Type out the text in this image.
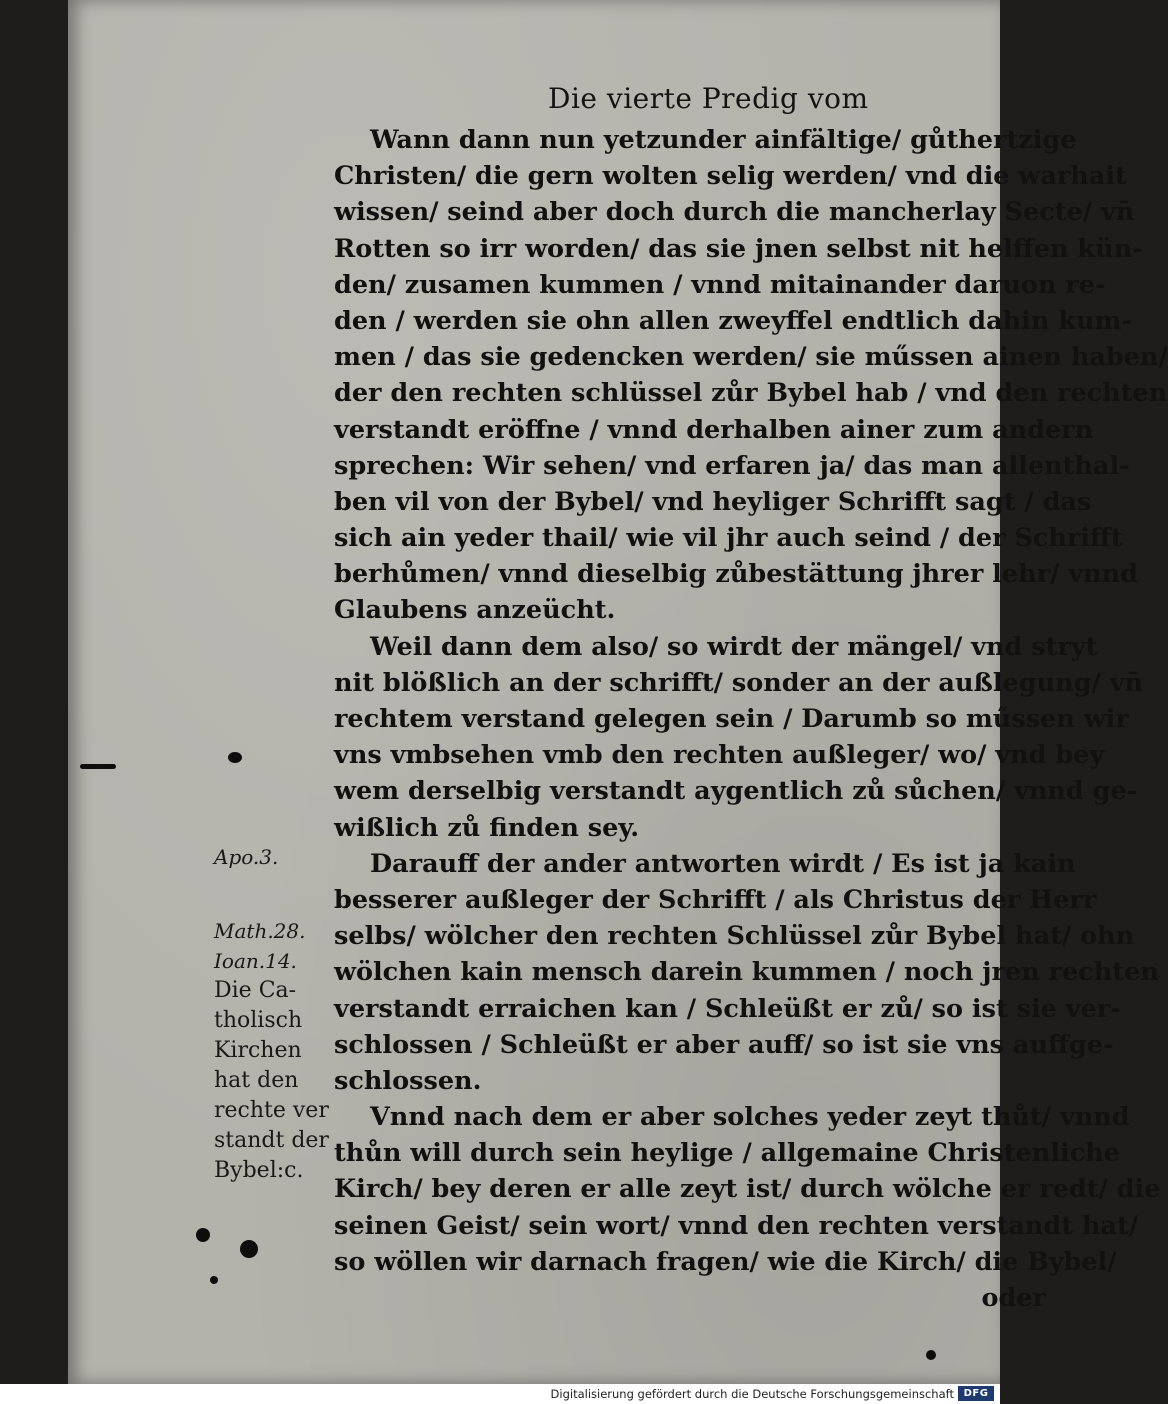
Die vierte Predig vom
Wann dann nun yetzunder ainfältige/ gůthertzige
Christen/ die gern wolten selig werden/ vnd die warhait
wissen/ seind aber doch durch die mancherlay Secte/ vn̄
Rotten so irr worden/ das sie jnen selbst nit helffen kün-
den/ zusamen kummen / vnnd mitainander daruon re-
den / werden sie ohn allen zweyffel endtlich dahin kum-
men / das sie gedencken werden/ sie műssen ainen haben/
der den rechten schlüssel zůr Bybel hab / vnd den rechten
verstandt eröffne / vnnd derhalben ainer zum andern
sprechen: Wir sehen/ vnd erfaren ja/ das man allenthal-
ben vil von der Bybel/ vnd heyliger Schrifft sagt / das
sich ain yeder thail/ wie vil jhr auch seind / der Schrifft
berhůmen/ vnnd dieselbig zůbestättung jhrer lehr/ vnnd
Glaubens anzeücht.
Weil dann dem also/ so wirdt der mängel/ vnd stryt
nit blößlich an der schrifft/ sonder an der außlegung/ vn̄
rechtem verstand gelegen sein / Darumb so műssen wir
vns vmbsehen vmb den rechten außleger/ wo/ vnd bey
wem derselbig verstandt aygentlich zů sůchen/ vnnd ge-
wißlich zů finden sey.
Darauff der ander antworten wirdt / Es ist ja kain
besserer außleger der Schrifft / als Christus der Herr
selbs/ wölcher den rechten Schlüssel zůr Bybel hat/ ohn
wölchen kain mensch darein kummen / noch jren rechten
verstandt erraichen kan / Schleüßt er zů/ so ist sie ver-
schlossen / Schleüßt er aber auff/ so ist sie vns auffge-
schlossen.
Vnnd nach dem er aber solches yeder zeyt thůt/ vnnd
thůn will durch sein heylige / allgemaine Christenliche
Kirch/ bey deren er alle zeyt ist/ durch wölche er redt/ die
seinen Geist/ sein wort/ vnnd den rechten verstandt hat/
so wöllen wir darnach fragen/ wie die Kirch/ die Bybel/
oder
Apo.3.
Math.28.
Ioan.14.
Die Ca-
tholisch
Kirchen
hat den
rechte ver
standt der
Bybel:c.
Digitalisierung gefördert durch die Deutsche Forschungsgemeinschaft DFG
